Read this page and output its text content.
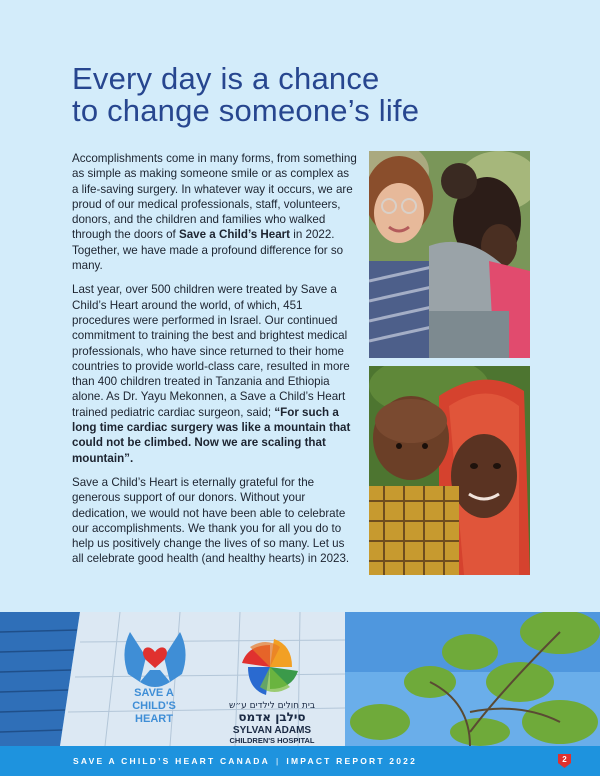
Every day is a chance
to change someone’s life

Accomplishments come in many forms, from something as simple as making someone smile or as complex as a life-saving surgery. In whatever way it occurs, we are proud of our medical professionals, staff, volunteers, donors, and the children and families who walked through the doors of Save a Child’s Heart in 2022. Together, we have made a profound difference for so many.

Last year, over 500 children were treated by Save a Child’s Heart around the world, of which, 451 procedures were performed in Israel. Our continued commitment to training the best and brightest medical professionals, who have since returned to their home countries to provide world-class care, resulted in more than 400 children treated in Tanzania and Ethiopia alone. As Dr. Yayu Mekonnen, a Save a Child’s Heart trained pediatric cardiac surgeon, said; “For such a long time cardiac surgery was like a mountain that could not be climbed. Now we are scaling that mountain”.

Save a Child’s Heart is eternally grateful for the generous support of our donors. Without your dedication, we would not have been able to celebrate our accomplishments. We thank you for all you do to help us positively change the lives of so many. Let us all celebrate good health (and healthy hearts) in 2023.

SAVE A
CHILD'S
HEART
בית חולים לילדים ע״ש
סילבן אדמס
SYLVAN ADAMS
CHILDREN'S HOSPITAL
SAVE A CHILD’S HEART CANADA | IMPACT REPORT 2022	2
